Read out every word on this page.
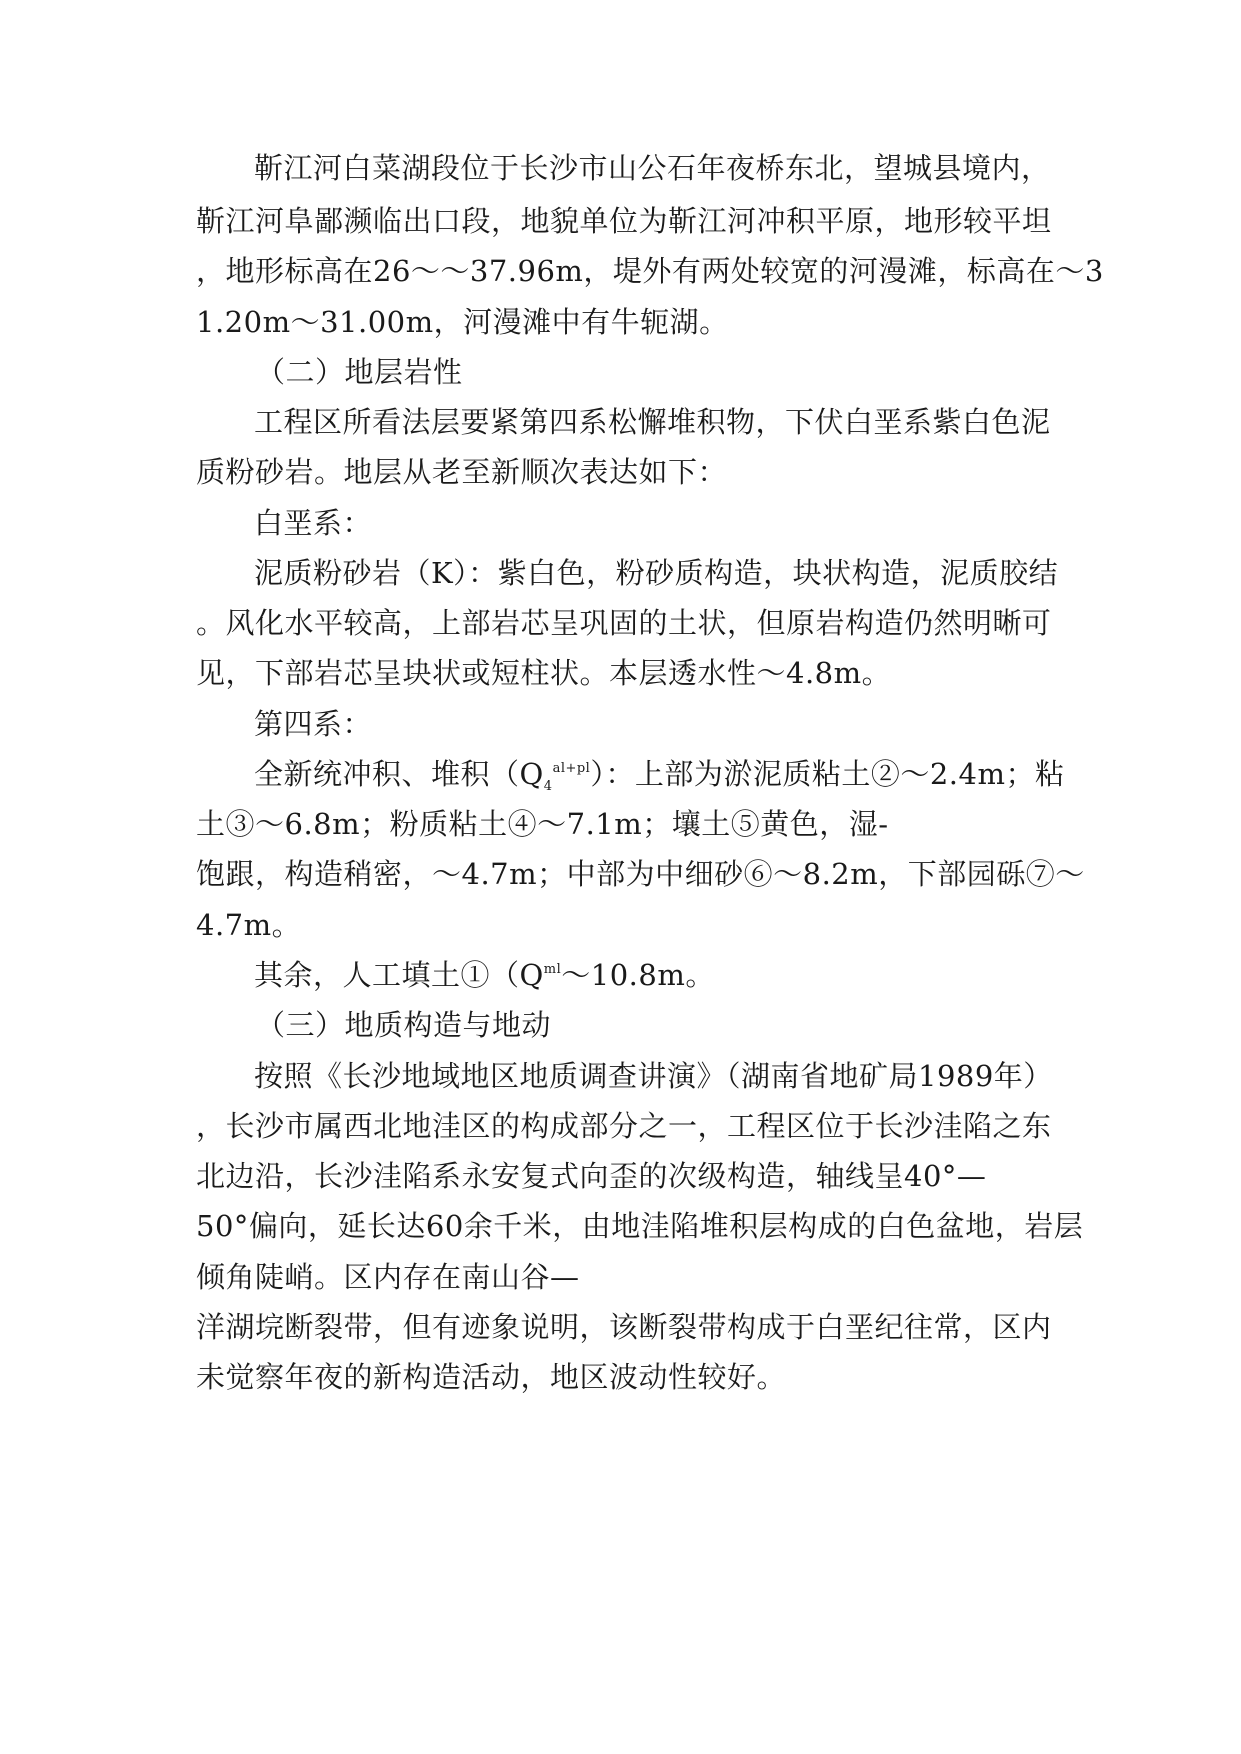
靳江河白菜湖段位于长沙市山公石年夜桥东北，望城县境内，
靳江河阜鄙濒临出口段，地貌单位为靳江河冲积平原，地形较平坦
，地形标高在26～～37.96m，堤外有两处较宽的河漫滩，标高在～3
1.20m～31.00m，河漫滩中有牛轭湖。
（二）地层岩性
工程区所看法层要紧第四系松懈堆积物，下伏白垩系紫白色泥
质粉砂岩。地层从老至新顺次表达如下：
白垩系：
泥质粉砂岩（K）：紫白色，粉砂质构造，块状构造，泥质胶结
。风化水平较高，上部岩芯呈巩固的土状，但原岩构造仍然明晰可
见，下部岩芯呈块状或短柱状。本层透水性～4.8m。
第四系：
全新统冲积、堆积$(Q_4^{al+pl})$：上部为淤泥质粘土②～2.4m；粘
土③～6.8m；粉质粘土④～7.1m；壤土⑤黄色，湿-
饱跟，构造稍密，～4.7m；中部为中细砂⑥～8.2m，下部园砾⑦～
4.7m。
其余，人工填土$①(Q^{ml}\sim 10.8m$。
（三）地质构造与地动
按照《长沙地域地区地质调查讲演》（湖南省地矿局1989年）
，长沙市属西北地洼区的构成部分之一，工程区位于长沙洼陷之东
北边沿，长沙洼陷系永安复式向歪的次级构造，轴线呈40°—
50°偏向，延长达60余千米，由地洼陷堆积层构成的白色盆地，岩层
倾角陡峭。区内存在南山谷—
洋湖垸断裂带，但有迹象说明，该断裂带构成于白垩纪往常，区内
未觉察年夜的新构造活动，地区波动性较好。
